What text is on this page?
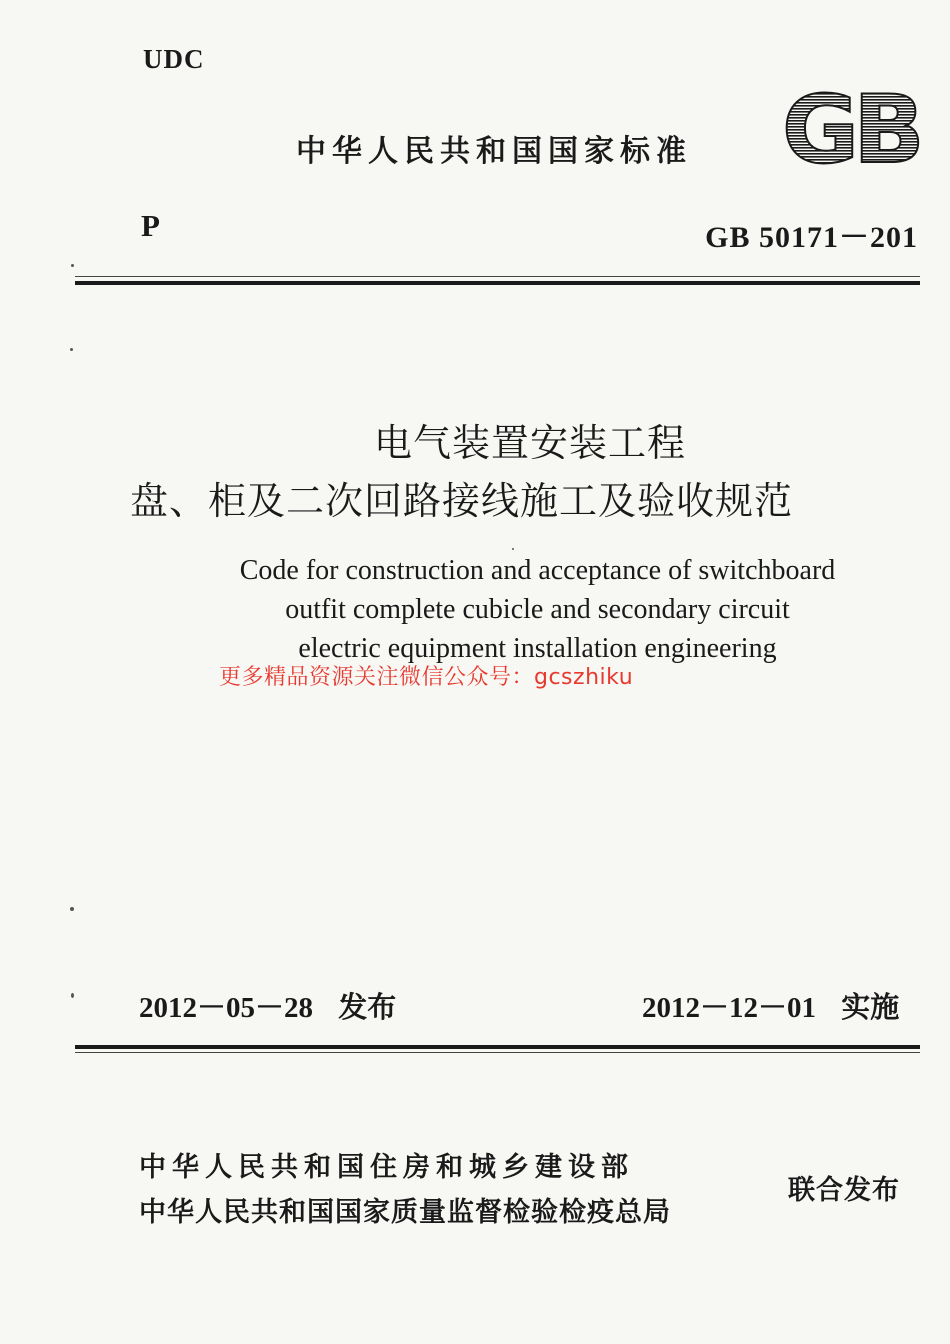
UDC
中华人民共和国国家标准 GB
P	GB 50171－201
电气装置安装工程
盘、柜及二次回路接线施工及验收规范
Code for construction and acceptance of switchboard
outfit complete cubicle and secondary circuit
electric equipment installation engineering
更多精品资源关注微信公众号：gcszhiku
2012－05－28 发布	2012－12－01 实施
中华人民共和国住房和城乡建设部
中华人民共和国国家质量监督检验检疫总局
联合发布
